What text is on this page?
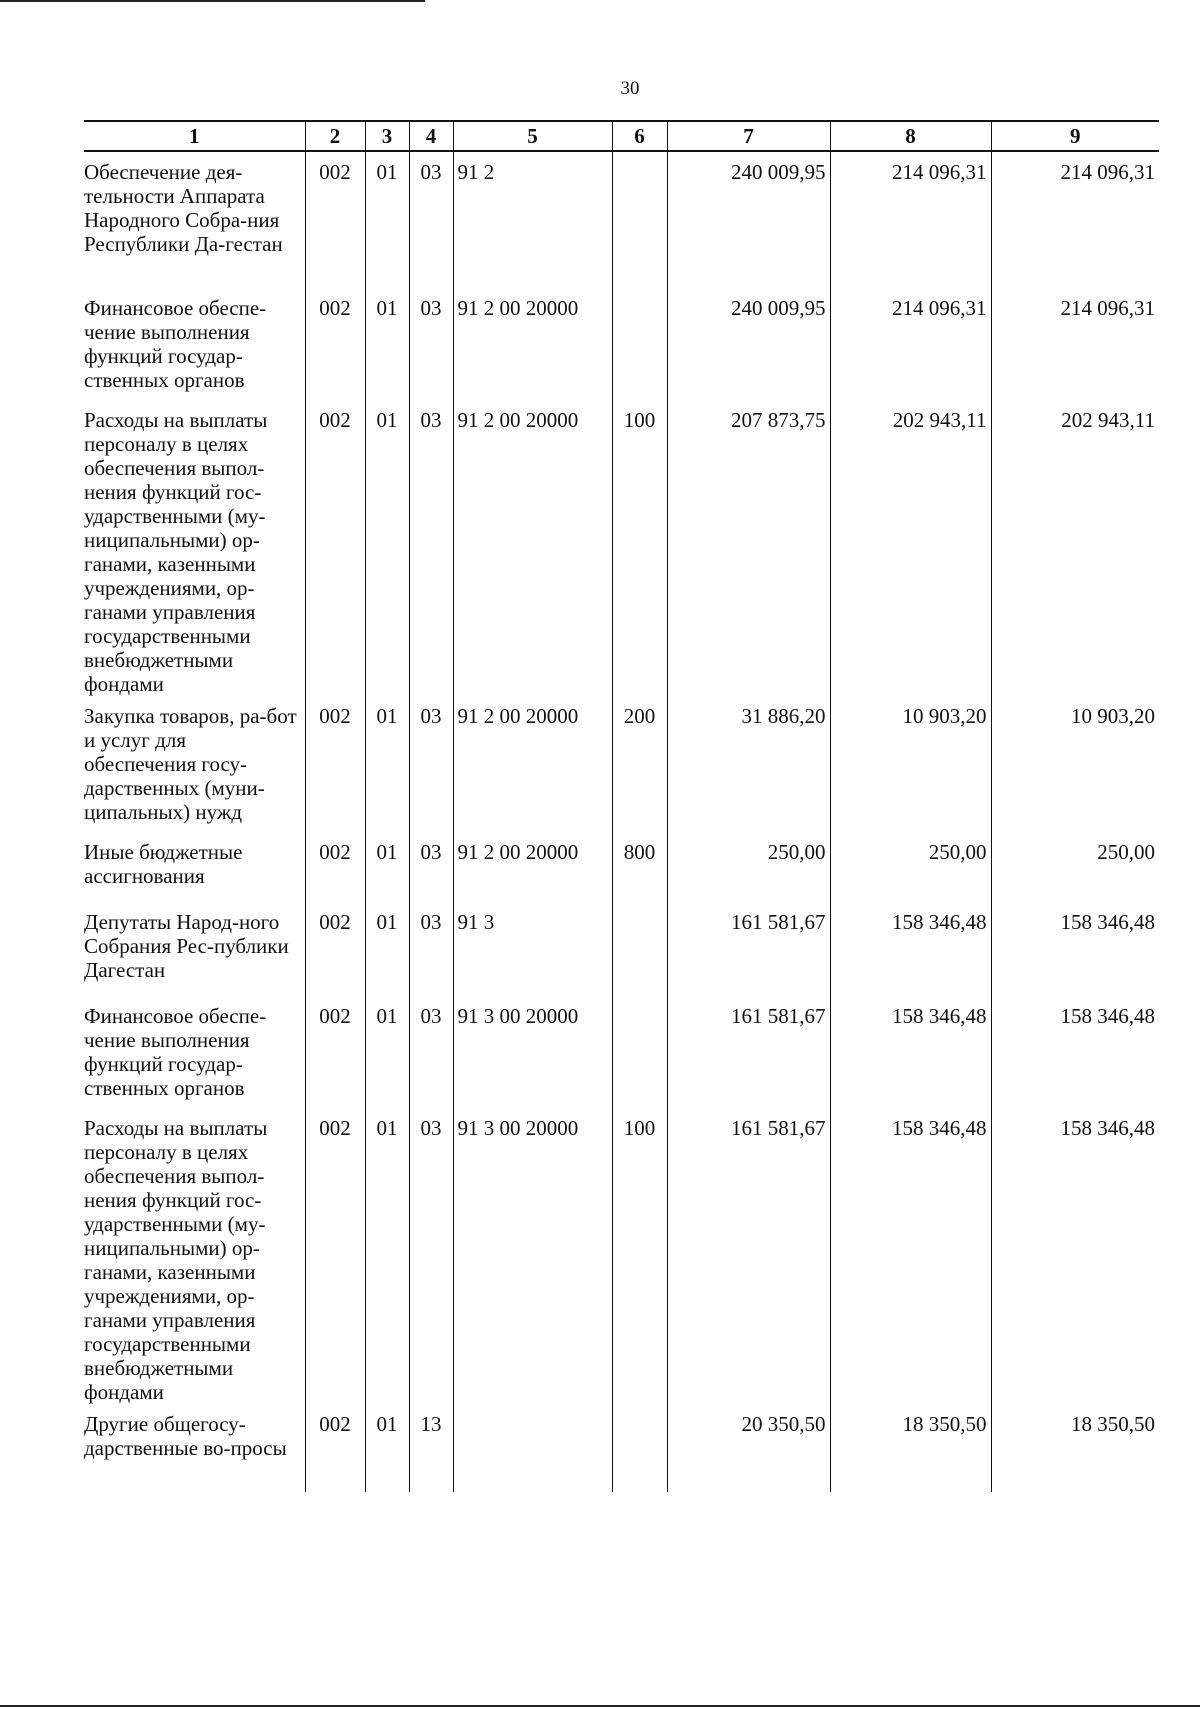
30
1	2	3	4	5	6	7	8	9
Обеспечение дея-тельности Аппарата Народного Собра-ния Республики Да-гестан	002	01	03	91 2		240 009,95	214 096,31	214 096,31
Финансовое обеспе-чение выполнения функций государ-ственных органов	002	01	03	91 2 00 20000		240 009,95	214 096,31	214 096,31
Расходы на выплаты персоналу в целях обеспечения выпол-нения функций гос-ударственными (му-ниципальными) ор-ганами, казенными учреждениями, ор-ганами управления государственными внебюджетными фондами	002	01	03	91 2 00 20000	100	207 873,75	202 943,11	202 943,11
Закупка товаров, ра-бот и услуг для обеспечения госу-дарственных (муни-ципальных) нужд	002	01	03	91 2 00 20000	200	31 886,20	10 903,20	10 903,20
Иные бюджетные ассигнования	002	01	03	91 2 00 20000	800	250,00	250,00	250,00
Депутаты Народ-ного Собрания Рес-публики Дагестан	002	01	03	91 3		161 581,67	158 346,48	158 346,48
Финансовое обеспе-чение выполнения функций государ-ственных органов	002	01	03	91 3 00 20000		161 581,67	158 346,48	158 346,48
Расходы на выплаты персоналу в целях обеспечения выпол-нения функций гос-ударственными (му-ниципальными) ор-ганами, казенными учреждениями, ор-ганами управления государственными внебюджетными фондами	002	01	03	91 3 00 20000	100	161 581,67	158 346,48	158 346,48
Другие общегосу-дарственные во-просы	002	01	13			20 350,50	18 350,50	18 350,50
